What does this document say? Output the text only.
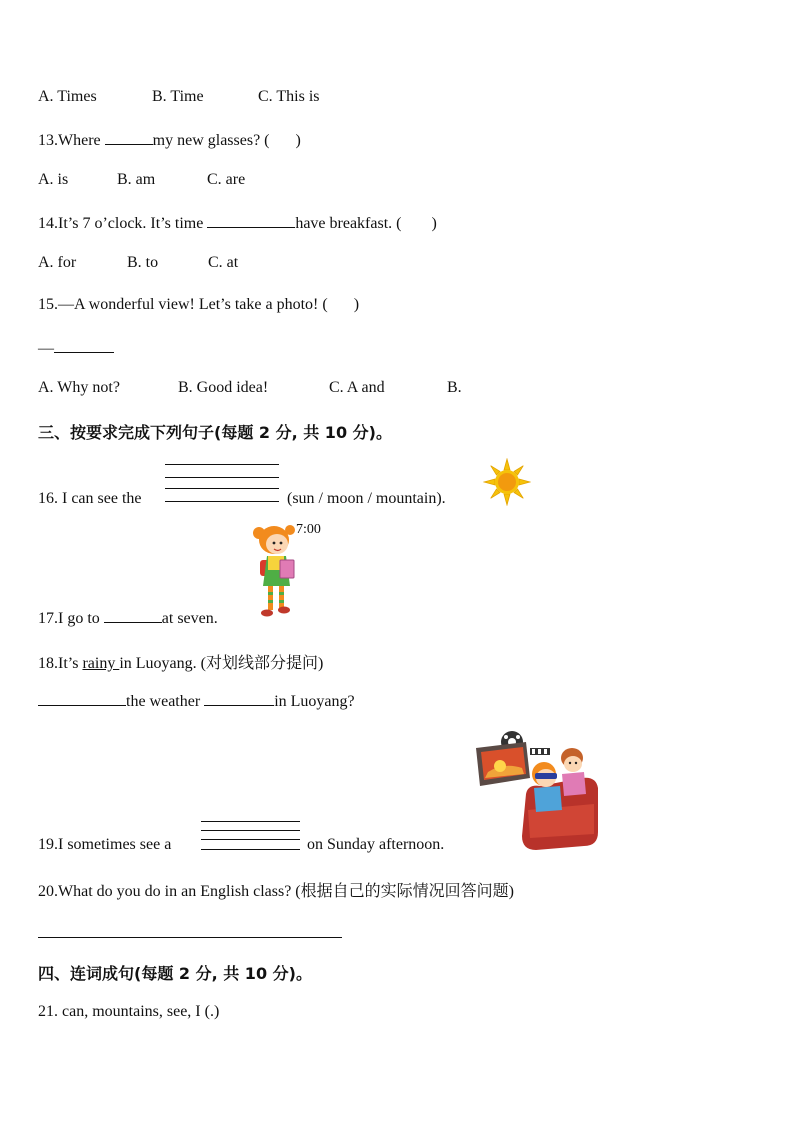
A. Times	B. Time	C. This is
13.Where	my new glasses? ( )
A. is	B. am	C. are
14.It’s 7 o’clock. It’s time	have breakfast. ( )
A. for	B. to	C. at
15.—A wonderful view! Let’s take a photo! ( )
—
A. Why not?	B. Good idea!	C. A and	B.
三、按要求完成下列句子(每题 2 分, 共 10 分)。
16. I can see the	(sun / moon / mountain).
7:00
17.I go to	at seven.
18.It’s rainy in Luoyang. (对划线部分提问)
the weather	in Luoyang?
19.I sometimes see a	on Sunday afternoon.
20.What do you do in an English class? (根据自己的实际情况回答问题)
四、连词成句(每题 2 分, 共 10 分)。
21. can, mountains, see, I (.)
